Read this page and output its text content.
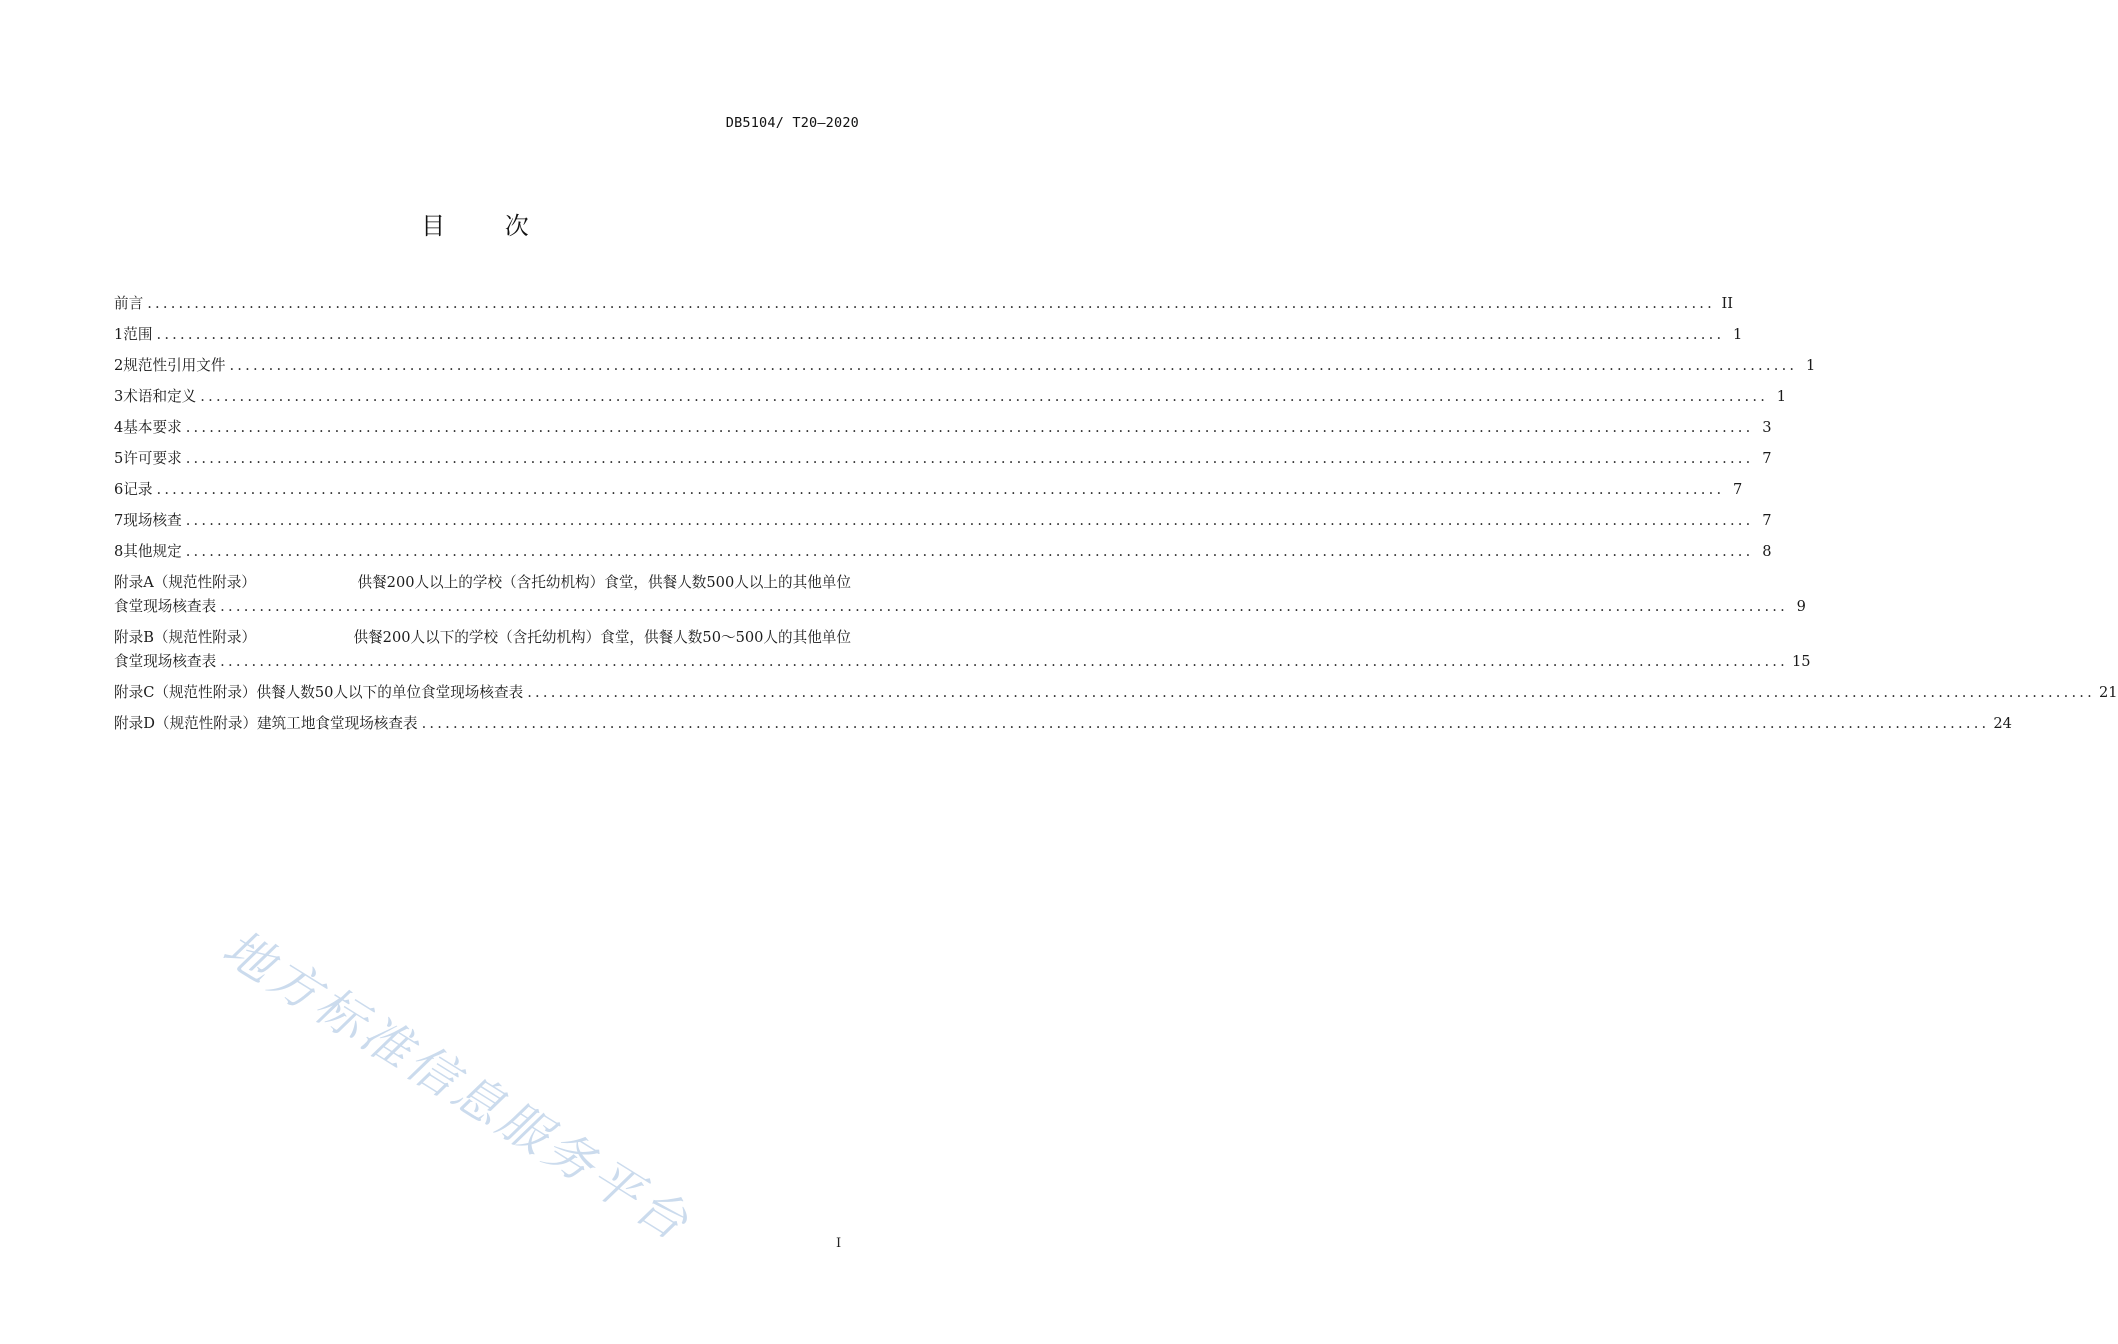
DB5104/ T20—2020
目 次
前言 ........................................................................................................................................................................................................ II
1 范围 ........................................................................................................................................................................................................ 1
2 规范性引用文件 ........................................................................................................................................................................................................ 1
3 术语和定义 ........................................................................................................................................................................................................ 1
4 基本要求 ........................................................................................................................................................................................................ 3
5 许可要求 ........................................................................................................................................................................................................ 7
6 记录 ........................................................................................................................................................................................................ 7
7 现场核查 ........................................................................................................................................................................................................ 7
8 其他规定 ........................................................................................................................................................................................................ 8
附录A（规范性附录）	供餐200人以上的学校（含托幼机构）食堂，供餐人数500人以上的其他单位
食堂现场核查表 ........................................................................................................................................................................................................ 9
附录B（规范性附录）	供餐200人以下的学校（含托幼机构）食堂，供餐人数50～500人的其他单位
食堂现场核查表 ........................................................................................................................................................................................................ 15
附录C（规范性附录） 供餐人数50人以下的单位食堂现场核查表 ........................................................................................................................................................................................................ 21
附录D（规范性附录） 建筑工地食堂现场核查表 ........................................................................................................................................................................................................ 24
地方标准信息服务平台	I
